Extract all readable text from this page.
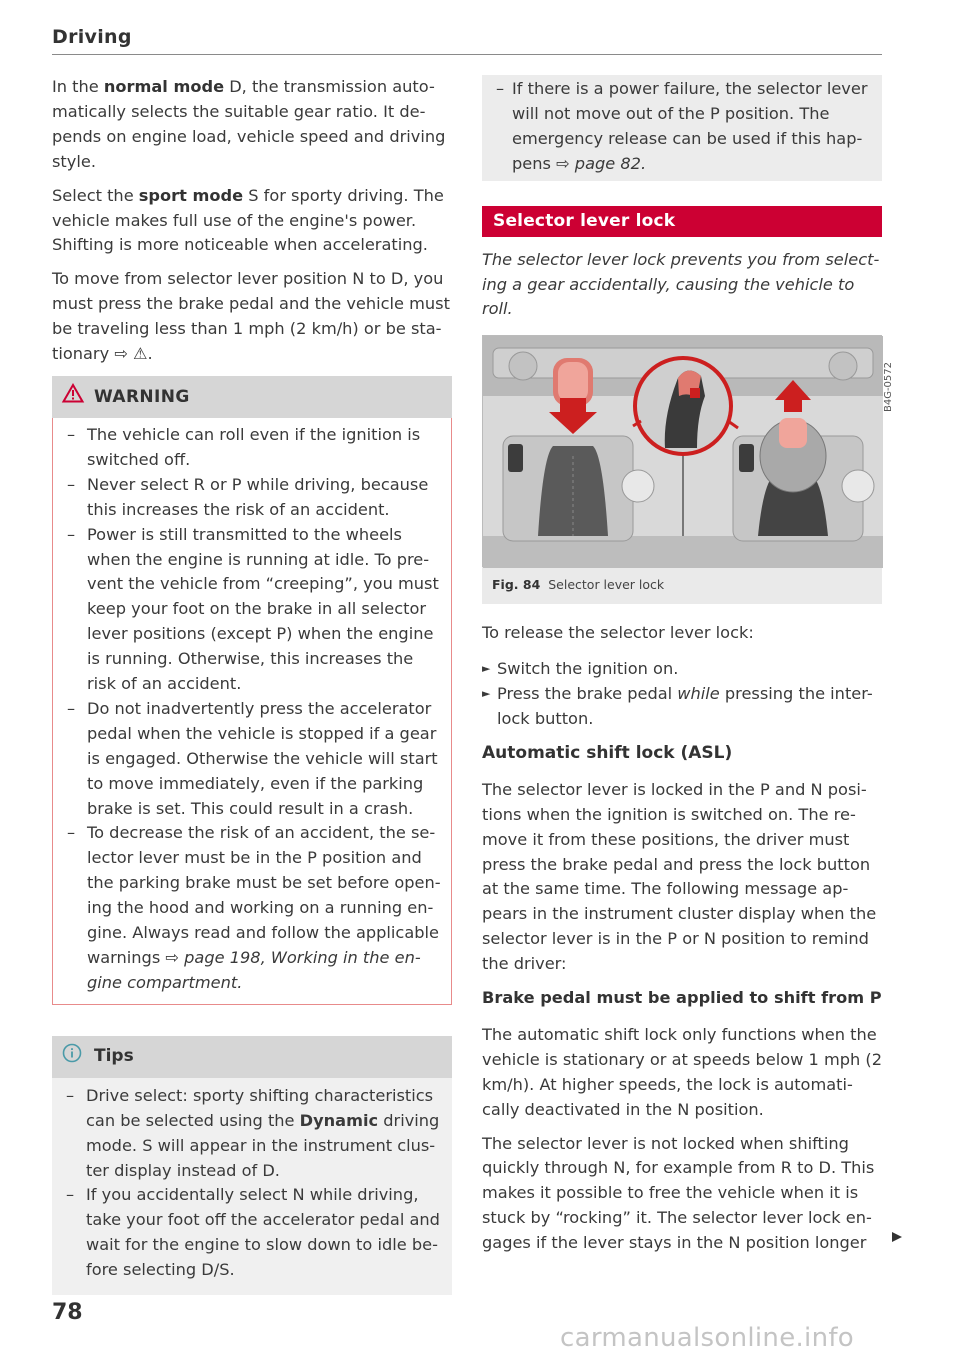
Driving

In the normal mode D, the transmission auto-matically selects the suitable gear ratio. It de-pends on engine load, vehicle speed and driving style.

Select the sport mode S for sporty driving. The vehicle makes full use of the engine's power. Shifting is more noticeable when accelerating.

To move from selector lever position N to D, you must press the brake pedal and the vehicle must be traveling less than 1 mph (2 km/h) or be sta-tionary ⇨ ⚠.

WARNING
– The vehicle can roll even if the ignition is switched off.
– Never select R or P while driving, because this increases the risk of an accident.
– Power is still transmitted to the wheels when the engine is running at idle. To pre-vent the vehicle from “creeping”, you must keep your foot on the brake in all selector lever positions (except P) when the engine is running. Otherwise, this increases the risk of an accident.
– Do not inadvertently press the accelerator pedal when the vehicle is stopped if a gear is engaged. Otherwise the vehicle will start to move immediately, even if the parking brake is set. This could result in a crash.
– To decrease the risk of an accident, the se-lector lever must be in the P position and the parking brake must be set before open-ing the hood and working on a running en-gine. Always read and follow the applicable warnings ⇨ page 198, Working in the en-gine compartment.
Tips
– Drive select: sporty shifting characteristics can be selected using the Dynamic driving mode. S will appear in the instrument clus-ter display instead of D.
– If you accidentally select N while driving, take your foot off the accelerator pedal and wait for the engine to slow down to idle be-fore selecting D/S.
78
– If there is a power failure, the selector lever will not move out of the P position. The emergency release can be used if this hap-pens ⇨ page 82.
Selector lever lock

The selector lever lock prevents you from select-ing a gear accidentally, causing the vehicle to roll.

B4G-0572
Fig. 84 Selector lever lock

To release the selector lever lock:

► Switch the ignition on.
► Press the brake pedal while pressing the inter-lock button.
Automatic shift lock (ASL)

The selector lever is locked in the P and N posi-tions when the ignition is switched on. The re-move it from these positions, the driver must press the brake pedal and press the lock button at the same time. The following message ap-pears in the instrument cluster display when the selector lever is in the P or N position to remind the driver:

Brake pedal must be applied to shift from P

The automatic shift lock only functions when the vehicle is stationary or at speeds below 1 mph (2 km/h). At higher speeds, the lock is automati-cally deactivated in the N position.

The selector lever is not locked when shifting quickly through N, for example from R to D. This makes it possible to free the vehicle when it is stuck by “rocking” it. The selector lever lock en-gages if the lever stays in the N position longer

carmanualsonline.info
